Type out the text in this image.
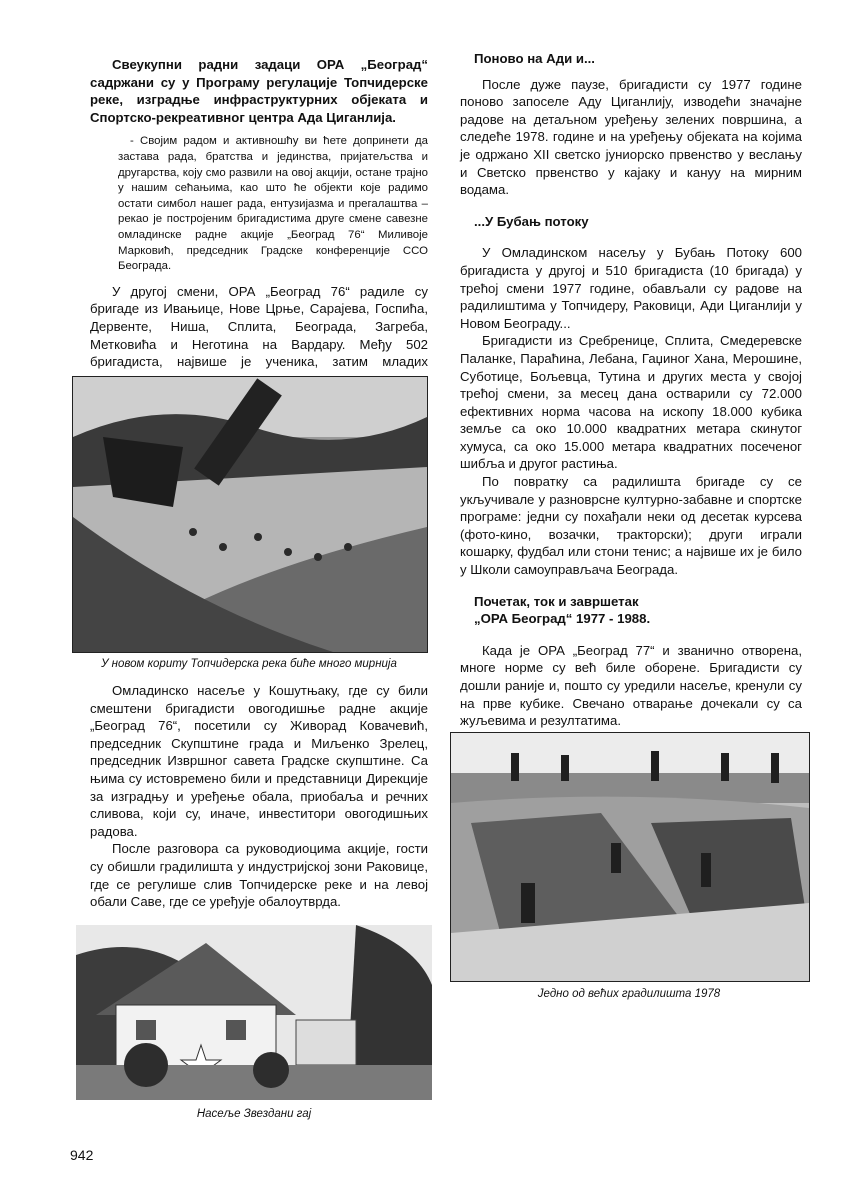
Свеукупни радни задаци ОРА „Београд“ садржани су у Програму регулације Топчидерске реке, изградње инфраструктурних објеката и Спортско-рекреативног центра Ада Циганлија.

- Својим радом и активношћу ви ћете допринети да застава рада, братства и јединства, пријатељства и другарства, коју смо развили на овој акцији, остане трајно у нашим сећањима, као што ће објекти које радимо остати симбол нашег рада, ентузијазма и прегалаштва – рекао је постројеним бригадистима друге смене савезне омладинске радне акције „Београд 76“ Миливоје Марковић, председник Градске конференције ССО Београда.

У другој смени, ОРА „Београд 76“ радиле су бригаде из Ивањице, Нове Црње, Сарајева, Госпића, Дервенте, Ниша, Сплита, Београда, Загреба, Метковића и Неготина на Вардару. Међу 502 бригадиста, највише је ученика, затим младих

У новом кориту Топчидерска река биће много мирнија

Омладинско насеље у Кошутњаку, где су били смештени бригадисти овогодишње радне акције „Београд 76“, посетили су Живорад Ковачевић, председник Скупштине града и Миљенко Зрелец, председник Извршног савета Градске скупштине. Са њима су истовремено били и представници Дирекције за изградњу и уређење обала, приобаља и речних сливова, који су, иначе, инвеститори овогодишњих радова.

После разговора са руководиоцима акције, гости су обишли градилишта у индустријској зони Раковице, где се регулише слив Топчидерске реке и на левој обали Саве, где се уређује обалоутврда.

Насеље Звездани гај
Поново на Ади и...

После дуже паузе, бригадисти су 1977 године поново запоселе Аду Циганлију, изводећи значајне радове на детаљном уређењу зелених површина, а следеће 1978. године и на уређењу објеката на којима је одржано XII светско јуниорско првенство у веслању и Светско првенство у кајаку и кануу на мирним водама.

...У Бубањ потоку

У Омладинском насељу у Бубањ Потоку 600 бригадиста у другој и 510 бригадиста (10 бригада) у трећој смени 1977 године, обављали су радове на радилиштима у Топчидеру, Раковици, Ади Циганлији у Новом Београду...

Бригадисти из Сребренице, Сплита, Смедеревске Паланке, Параћина, Лебана, Гаџиног Хана, Мерошине, Суботице, Бољевца, Тутина и других места у својој трећој смени, за месец дана остварили су 72.000 ефективних норма часова на ископу 18.000 кубика земље са око 10.000 квадратних метара скинутог хумуса, са око 15.000 метара квадратних посеченог шибља и другог растиња.

По повратку са радилишта бригаде су се укључивале у разноврсне културно-забавне и спортске програме: једни су похађали неки од десетак курсева (фото-кино, возачки, тракторски); други играли кошарку, фудбал или стони тенис; а највише их је било у Школи самоуправљача Београда.

Почетак, ток и завршетак
„ОРА Београд“ 1977 - 1988.

Када је ОРА „Београд 77“ и званично отворена, многе норме су већ биле оборене. Бригадисти су дошли раније и, пошто су уредили насеље, кренули су на прве кубике. Свечано отварање дочекали су са жуљевима и резултатима.

Једно од већих градилишта 1978
942
